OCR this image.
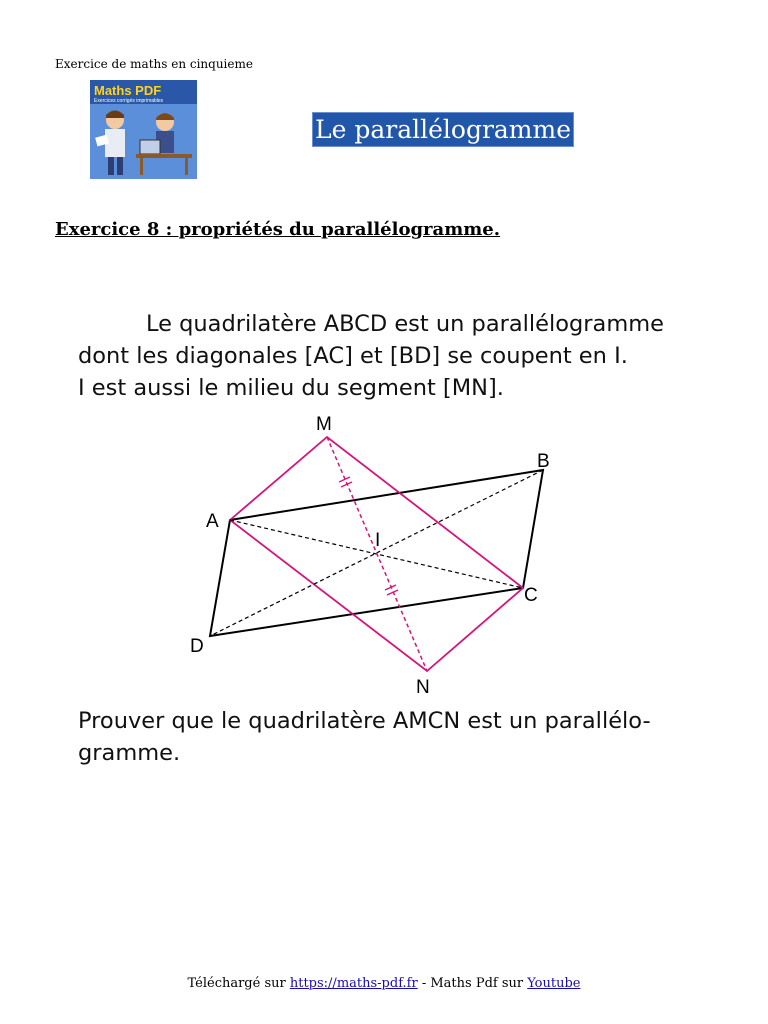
Exercice de maths en cinquieme
Maths PDF
Exercices corrigés imprimables
Le parallélogramme
Exercice 8 : propriétés du parallélogramme.
Le quadrilatère ABCD est un parallélogramme
dont les diagonales [AC] et [BD] se coupent en I.
I est aussi le milieu du segment [MN].
M
B
A
I
C
D
N
Prouver que le quadrilatère AMCN est un parallélo-
gramme.
Téléchargé sur https://maths-pdf.fr - Maths Pdf sur Youtube
